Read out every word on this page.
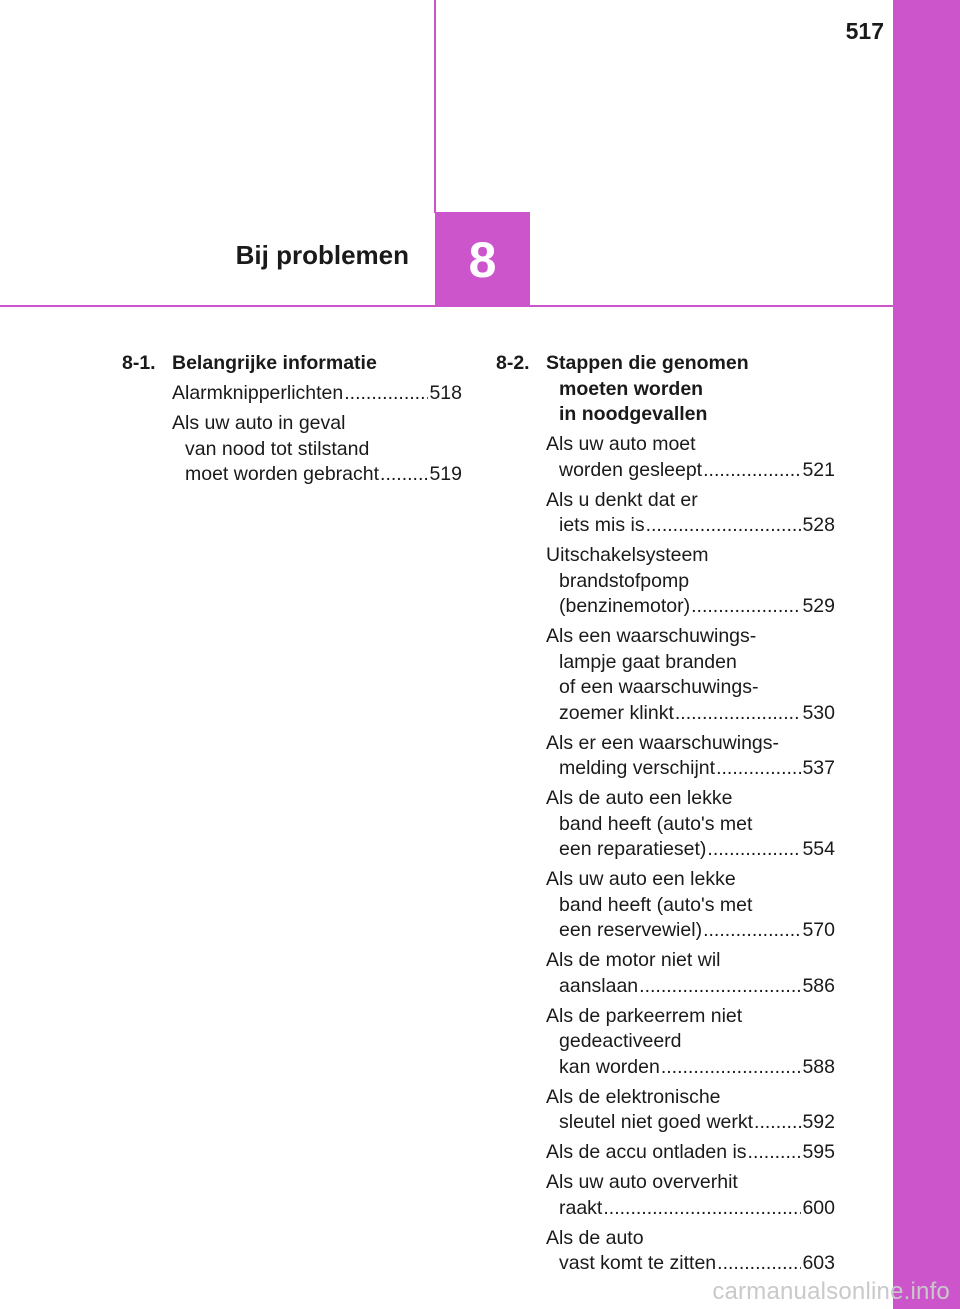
517
8
Bij problemen
8-1. Belangrijke informatie
Alarmknipperlichten .....	518
Als uw auto in geval
van nood tot stilstand
moet worden gebracht .....	519
8-2. Stappen die genomen
moeten worden
in noodgevallen
Als uw auto moet
worden gesleept .....	521
Als u denkt dat er
iets mis is .....	528
Uitschakelsysteem
brandstofpomp
(benzinemotor) .....	529
Als een waarschuwings-
lampje gaat branden
of een waarschuwings-
zoemer klinkt .....	530
Als er een waarschuwings-
melding verschijnt .....	537
Als de auto een lekke
band heeft (auto's met
een reparatieset) .....	554
Als uw auto een lekke
band heeft (auto's met
een reservewiel) .....	570
Als de motor niet wil
aanslaan .....	586
Als de parkeerrem niet
gedeactiveerd
kan worden .....	588
Als de elektronische
sleutel niet goed werkt .....	592
Als de accu ontladen is .....	595
Als uw auto oververhit
raakt .....	600
Als de auto
vast komt te zitten .....	603
carmanualsonline.info
